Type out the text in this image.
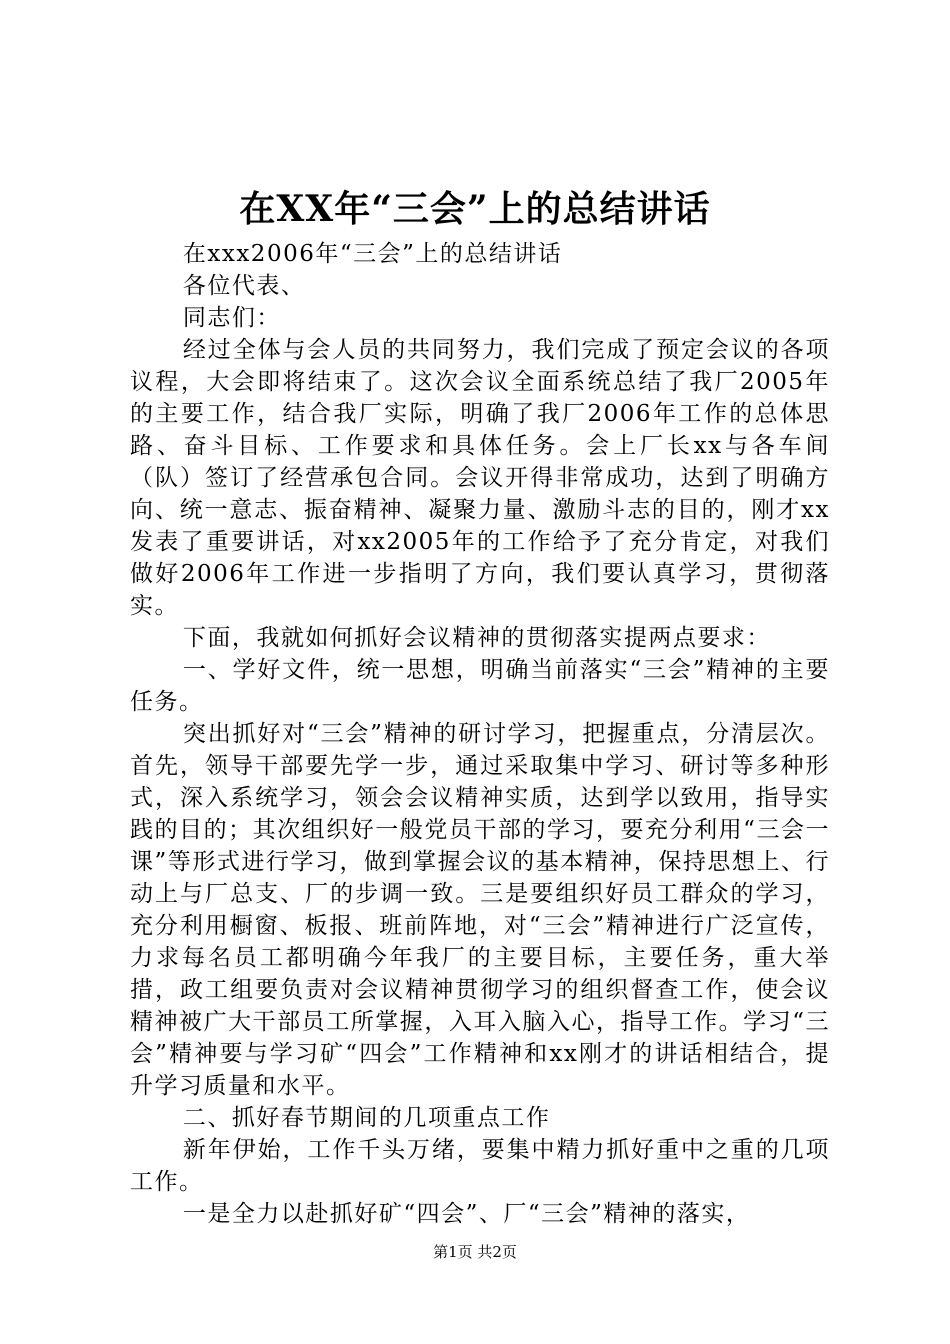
在XX年“三会”上的总结讲话

在xxx2006年“三会”上的总结讲话

各位代表、

同志们：

经过全体与会人员的共同努力，我们完成了预定会议的各项议程，大会即将结束了。这次会议全面系统总结了我厂2005年的主要工作，结合我厂实际，明确了我厂2006年工作的总体思路、奋斗目标、工作要求和具体任务。会上厂长xx与各车间（队）签订了经营承包合同。会议开得非常成功，达到了明确方向、统一意志、振奋精神、凝聚力量、激励斗志的目的，刚才xx发表了重要讲话，对xx2005年的工作给予了充分肯定，对我们做好2006年工作进一步指明了方向，我们要认真学习，贯彻落实。

下面，我就如何抓好会议精神的贯彻落实提两点要求：

一、学好文件，统一思想，明确当前落实“三会”精神的主要任务。

突出抓好对“三会”精神的研讨学习，把握重点，分清层次。首先，领导干部要先学一步，通过采取集中学习、研讨等多种形式，深入系统学习，领会会议精神实质，达到学以致用，指导实践的目的；其次组织好一般党员干部的学习，要充分利用“三会一课”等形式进行学习，做到掌握会议的基本精神，保持思想上、行动上与厂总支、厂的步调一致。三是要组织好员工群众的学习，充分利用橱窗、板报、班前阵地，对“三会”精神进行广泛宣传，力求每名员工都明确今年我厂的主要目标，主要任务，重大举措，政工组要负责对会议精神贯彻学习的组织督查工作，使会议精神被广大干部员工所掌握，入耳入脑入心，指导工作。学习“三会”精神要与学习矿“四会”工作精神和xx刚才的讲话相结合，提升学习质量和水平。

二、抓好春节期间的几项重点工作

新年伊始，工作千头万绪，要集中精力抓好重中之重的几项工作。

一是全力以赴抓好矿“四会”、厂“三会”精神的落实，

第1页 共2页
